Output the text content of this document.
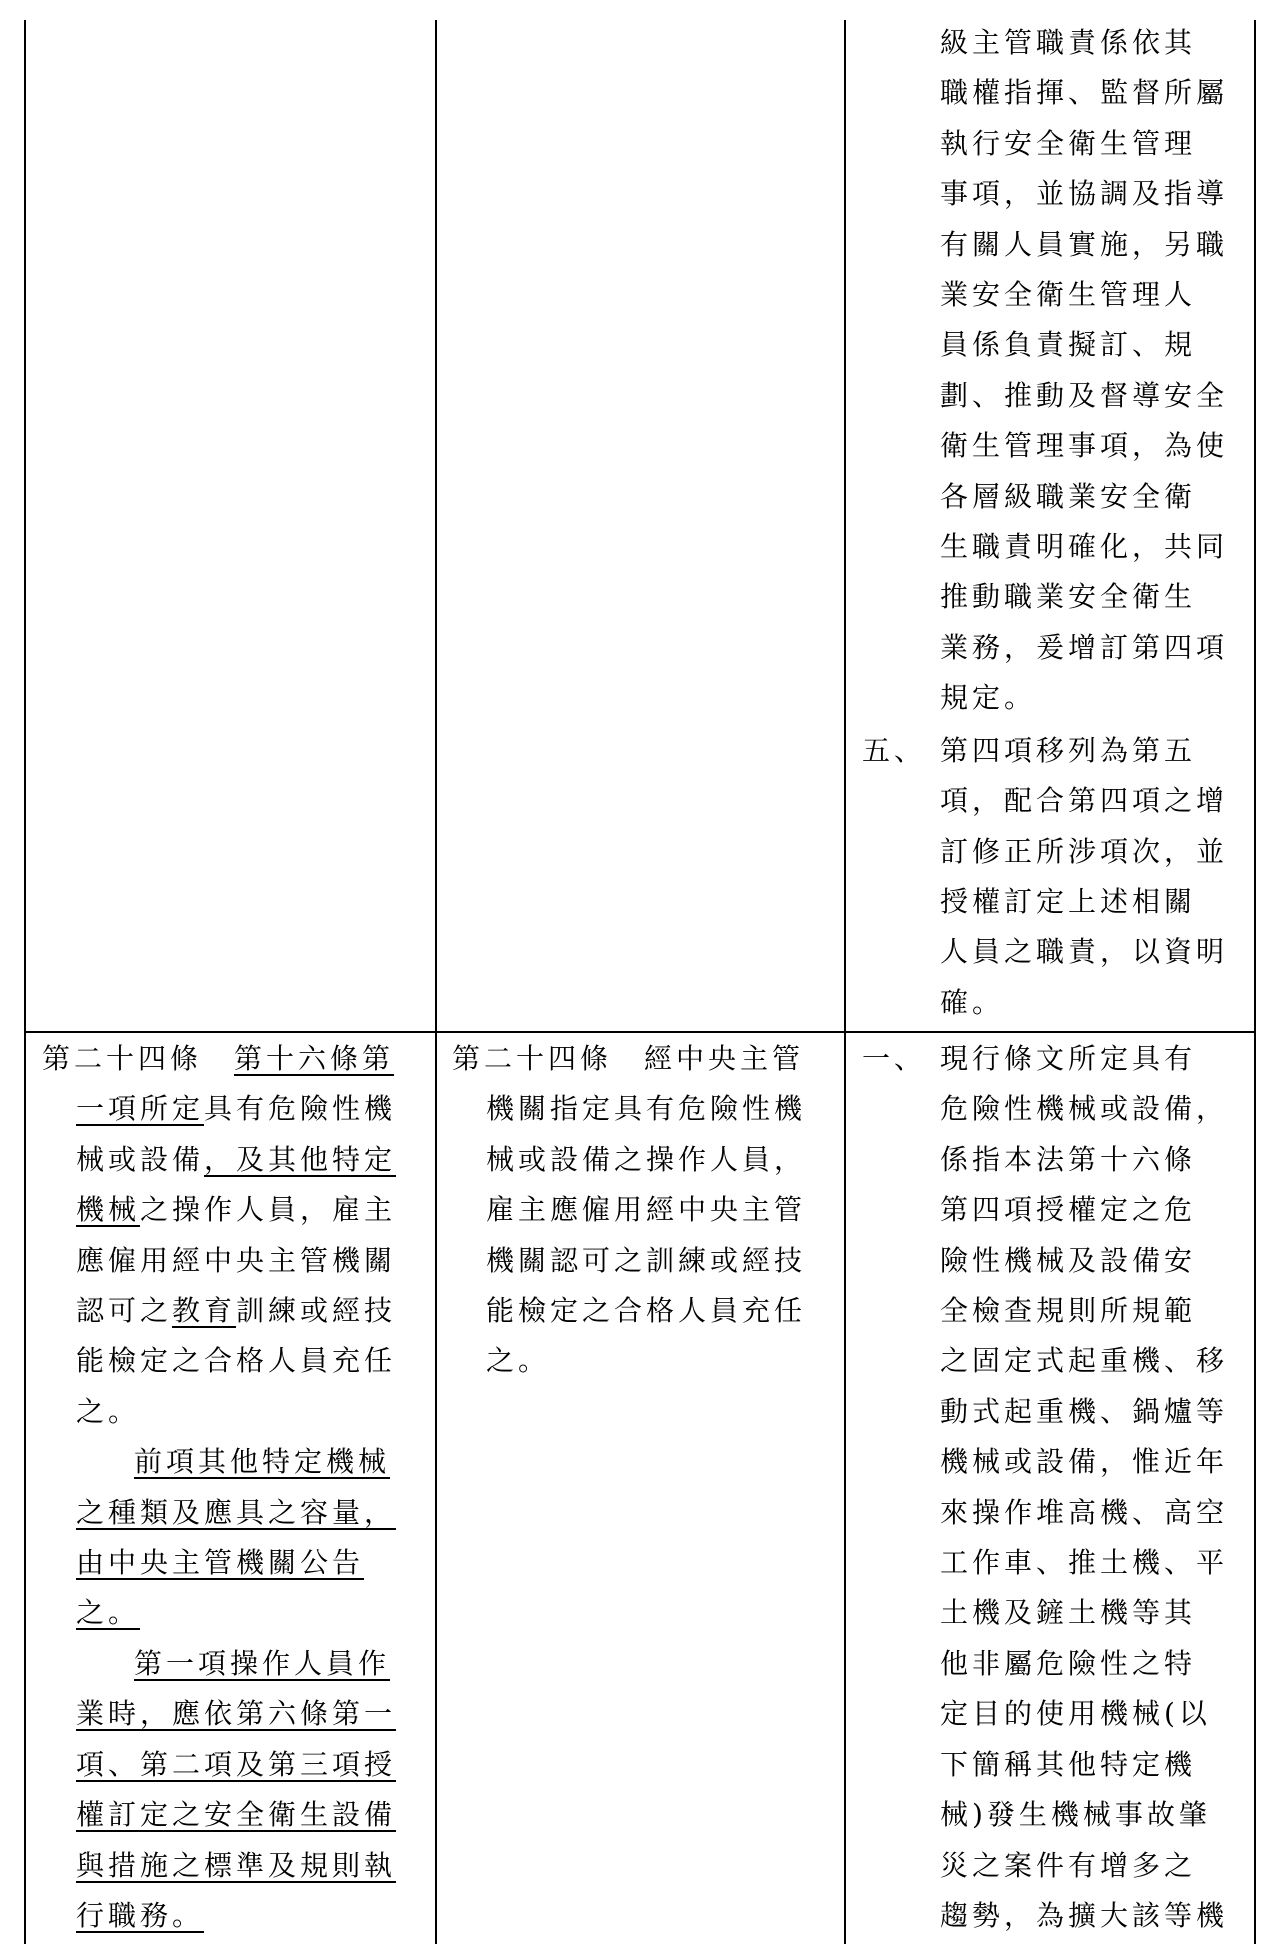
級主管職責係依其

職權指揮、監督所屬

執行安全衛生管理

事項，並協調及指導

有關人員實施，另職

業安全衛生管理人

員係負責擬訂、規

劃、推動及督導安全

衛生管理事項，為使

各層級職業安全衛

生職責明確化，共同

推動職業安全衛生

業務，爰增訂第四項

規定。

五、 第四項移列為第五

項，配合第四項之增

訂修正所涉項次，並

授權訂定上述相關

人員之職責，以資明

確。

第二十四條　第十六條第

一項所定具有危險性機

械或設備，及其他特定

機械之操作人員，雇主

應僱用經中央主管機關

認可之教育訓練或經技

能檢定之合格人員充任

之。

前項其他特定機械

之種類及應具之容量，

由中央主管機關公告

之。

第一項操作人員作

業時，應依第六條第一

項、第二項及第三項授

權訂定之安全衛生設備

與措施之標準及規則執

行職務。

第二十四條　經中央主管

機關指定具有危險性機

械或設備之操作人員，

雇主應僱用經中央主管

機關認可之訓練或經技

能檢定之合格人員充任

之。

一、 現行條文所定具有

危險性機械或設備，

係指本法第十六條

第四項授權定之危

險性機械及設備安

全檢查規則所規範

之固定式起重機、移

動式起重機、鍋爐等

機械或設備，惟近年

來操作堆高機、高空

工作車、推土機、平

土機及鏟土機等其

他非屬危險性之特

定目的使用機械(以

下簡稱其他特定機

械)發生機械事故肇

災之案件有增多之

趨勢，為擴大該等機
